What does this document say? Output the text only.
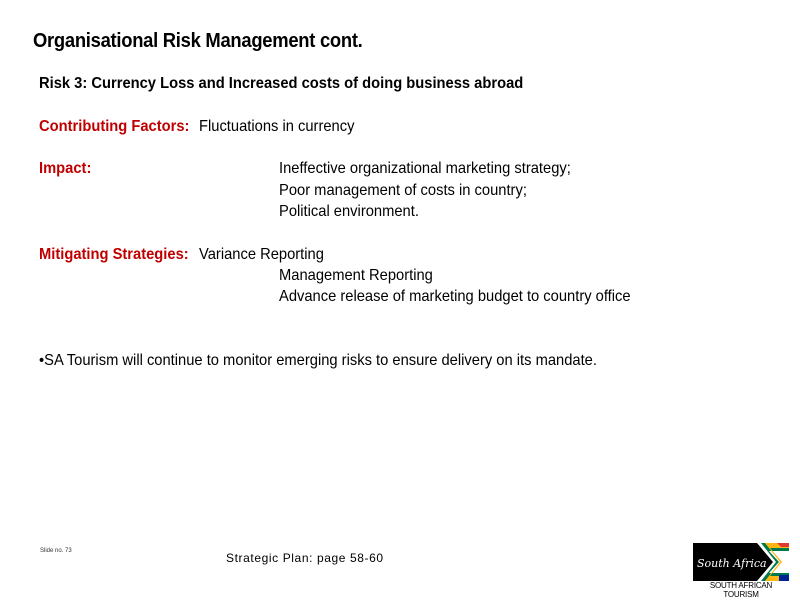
Organisational Risk Management cont.
Risk 3: Currency Loss and Increased costs of doing business abroad
Contributing Factors: Fluctuations in currency
Impact:	Ineffective organizational marketing strategy;
Poor management of costs in country;
Political environment.
Mitigating Strategies: Variance Reporting
Management Reporting
Advance release of marketing budget to country office
•SA Tourism will continue to monitor emerging risks to ensure delivery on its mandate.
Slide no. 73	Strategic Plan: page 58-60	South Africa
SOUTH AFRICAN TOURISM
